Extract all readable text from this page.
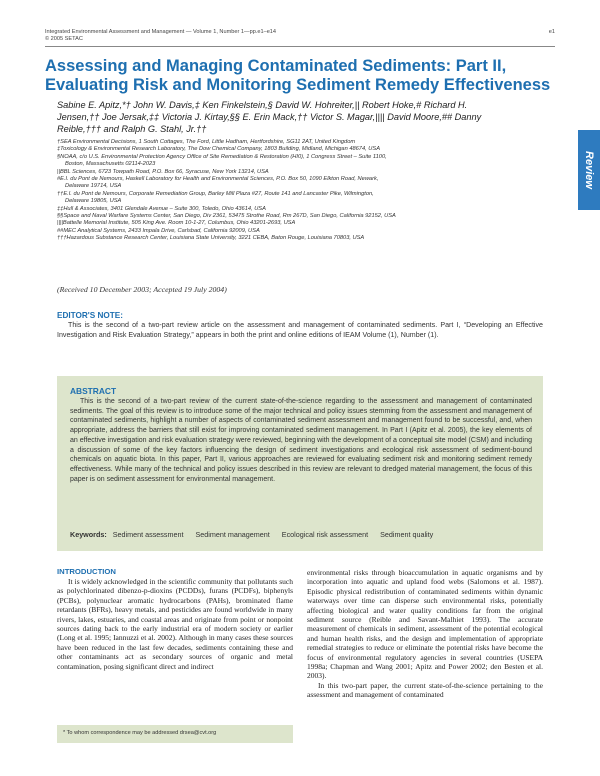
Integrated Environmental Assessment and Management — Volume 1, Number 1—pp.e1–e14
© 2005 SETAC
e1
Assessing and Managing Contaminated Sediments: Part II,
Evaluating Risk and Monitoring Sediment Remedy Effectiveness
Sabine E. Apitz,*† John W. Davis,‡ Ken Finkelstein,§ David W. Hohreiter,|| Robert Hoke,# Richard H.
Jensen,†† Joe Jersak,‡‡ Victoria J. Kirtay,§§ E. Erin Mack,†† Victor S. Magar,|||| David Moore,## Danny
Reible,††† and Ralph G. Stahl, Jr.††
Review
†SEA Environmental Decisions, 1 South Cottages, The Ford, Little Hadham, Hertfordshire, SG11 2AT, United Kingdom
‡Toxicology & Environmental Research Laboratory, The Dow Chemical Company, 1803 Building, Midland, Michigan 48674, USA
§NOAA, c/o U.S. Environmental Protection Agency Office of Site Remediation & Restoration (HI0), 1 Congress Street – Suite 1100,
Boston, Massachusetts 02114-2023
||BBL Sciences, 6723 Towpath Road, P.O. Box 66, Syracuse, New York 13214, USA
#E.I. du Pont de Nemours, Haskell Laboratory for Health and Environmental Sciences, P.O. Box 50, 1090 Elkton Road, Newark,
Delaware 19714, USA
††E.I. du Pont de Nemours, Corporate Remediation Group, Barley Mill Plaza #27, Route 141 and Lancaster Pike, Wilmington,
Delaware 19805, USA
‡‡Hull & Associates, 3401 Glendale Avenue – Suite 300, Toledo, Ohio 43614, USA
§§Space and Naval Warfare Systems Center, San Diego, Div 2361, 53475 Strothe Road, Rm 267D, San Diego, California 92152, USA
||||Battelle Memorial Institute, 505 King Ave. Room 10-1-27, Columbus, Ohio 43201-2693, USA
##MEC Analytical Systems, 2433 Impala Drive, Carlsbad, California 92009, USA
†††Hazardous Substance Research Center, Louisiana State University, 3221 CEBA, Baton Rouge, Louisiana 70803, USA
(Received 10 December 2003; Accepted 19 July 2004)
EDITOR'S NOTE:
This is the second of a two-part review article on the assessment and management of contaminated sediments. Part I, “Developing an Effective Investigation and Risk Evaluation Strategy,” appears in both the print and online editions of IEAM Volume (1), Number (1).
ABSTRACT
This is the second of a two-part review of the current state-of-the-science regarding to the assessment and management of contaminated sediments. The goal of this review is to introduce some of the major technical and policy issues stemming from the assessment and management of contaminated sediments, highlight a number of aspects of contaminated sediment assessment and management found to be successful, and, when appropriate, address the barriers that still exist for improving contaminated sediment management. In Part I (Apitz et al. 2005), the key elements of an effective investigation and risk evaluation strategy were reviewed, beginning with the development of a conceptual site model (CSM) and including a discussion of some of the key factors influencing the design of sediment investigations and ecological risk assessment of sediment-bound chemicals on aquatic biota. In this paper, Part II, various approaches are reviewed for evaluating sediment risk and monitoring sediment remedy effectiveness. While many of the technical and policy issues described in this review are relevant to dredged material management, the focus of this paper is on sediment assessment for environmental management.
Keywords: Sediment assessment Sediment management Ecological risk assessment Sediment quality
INTRODUCTION
It is widely acknowledged in the scientific community that pollutants such as polychlorinated dibenzo-p-dioxins (PCDDs), furans (PCDFs), biphenyls (PCBs), polynuclear aromatic hydrocarbons (PAHs), brominated flame retardants (BFRs), heavy metals, and pesticides are found worldwide in many rivers, lakes, estuaries, and coastal areas and originate from point or nonpoint sources dating back to the early industrial era of modern society or earlier (Long et al. 1995; Iannuzzi et al. 2002). Although in many cases these sources have been reduced in the last few decades, sediments containing these and other contaminants act as secondary sources of organic and metal contamination, posing significant direct and indirect
environmental risks through bioaccumulation in aquatic organisms and by incorporation into aquatic and upland food webs (Salomons et al. 1987). Episodic physical redistribution of contaminated sediments within dynamic waterways over time can disperse such environmental risks, potentially affecting biological and water quality conditions far from the original sediment source (Reible and Savant-Malhiet 1993). The accurate measurement of chemicals in sediment, assessment of the potential ecological and human health risks, and the design and implementation of appropriate remedial strategies to reduce or eliminate the potential risks have become the focus of environmental regulatory agencies in several countries (USEPA 1998a; Chapman and Wang 2001; Apitz and Power 2002; den Besten et al. 2003).
In this two-part paper, the current state-of-the-science pertaining to the assessment and management of contaminated
* To whom correspondence may be addressed drsea@cvt.org
